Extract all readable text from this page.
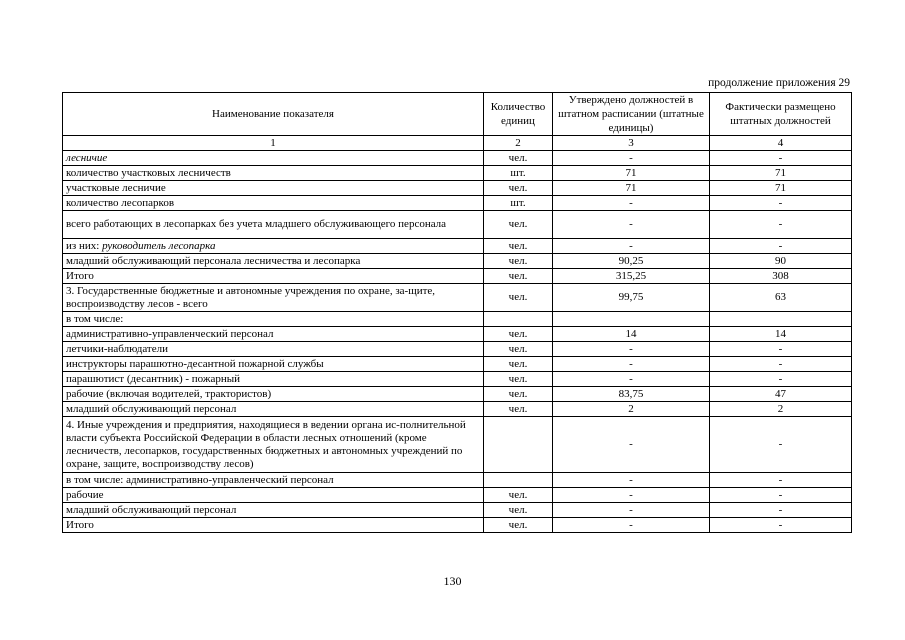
продолжение приложения 29
Наименование показателя	Количество единиц	Утверждено должностей в штатном расписании (штатные единицы)	Фактически размещено штатных должностей
1	2	3	4
лесничие	чел.	-	-
количество участковых лесничеств	шт.	71	71
участковые лесничие	чел.	71	71
количество лесопарков	шт.	-	-
всего работающих в лесопарках без учета младшего обслуживающего персонала	чел.	-	-
из них: руководитель лесопарка	чел.	-	-
младший обслуживающий персонала лесничества и лесопарка	чел.	90,25	90
Итого	чел.	315,25	308
3. Государственные бюджетные и автономные учреждения по охране, за-щите, воспроизводству лесов - всего	чел.	99,75	63
в том числе:			
административно-управленческий персонал	чел.	14	14
летчики-наблюдатели	чел.	-	-
инструкторы парашютно-десантной пожарной службы	чел.	-	-
парашютист (десантник) - пожарный	чел.	-	-
рабочие (включая водителей, трактористов)	чел.	83,75	47
младший обслуживающий персонал	чел.	2	2
4. Иные учреждения и предприятия, находящиеся в ведении органа ис-полнительной власти субъекта Российской Федерации в области лесных отношений (кроме лесничеств, лесопарков, государственных бюджетных и автономных учреждений по охране, защите, воспроизводству лесов)		-	-
в том числе: административно-управленческий персонал		-	-
рабочие	чел.	-	-
младший обслуживающий персонал	чел.	-	-
Итого	чел.	-	-
130
